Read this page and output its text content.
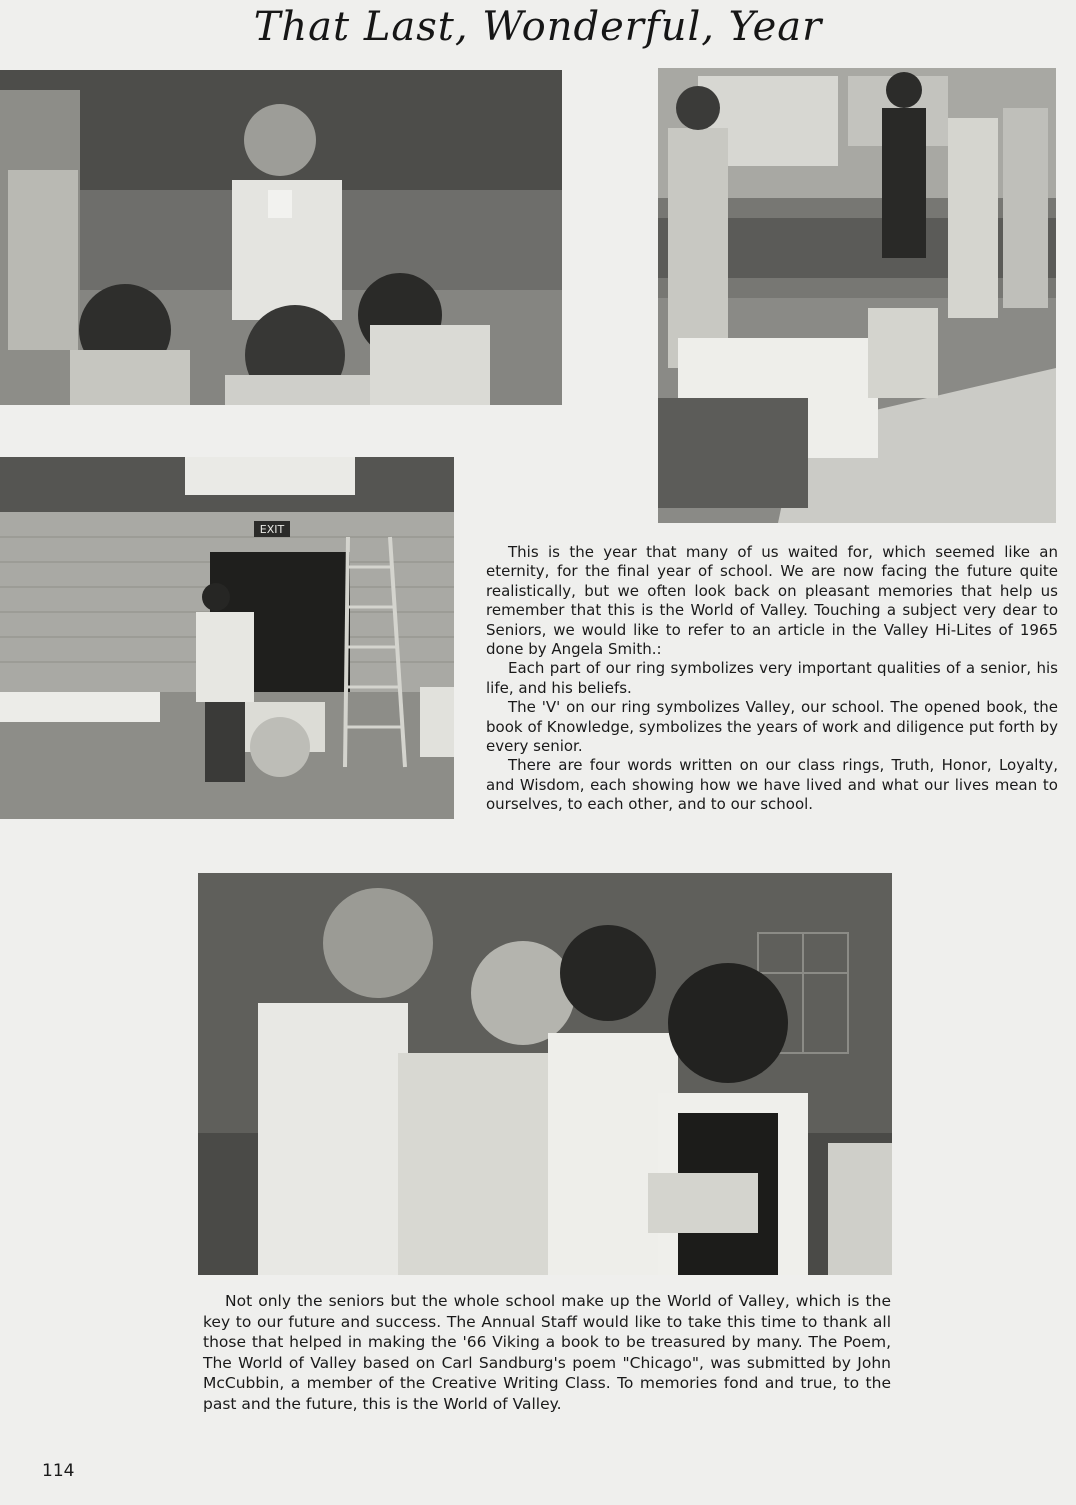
That Last, Wonderful, Year
EXIT

This is the year that many of us waited for, which seemed like an eternity, for the final year of school. We are now facing the future quite realistically, but we often look back on pleasant memories that help us remember that this is the World of Valley. Touching a subject very dear to Seniors, we would like to refer to an article in the Valley Hi-Lites of 1965 done by Angela Smith.:

Each part of our ring symbolizes very important qualities of a senior, his life, and his beliefs.

The 'V' on our ring symbolizes Valley, our school. The opened book, the book of Knowledge, symbolizes the years of work and diligence put forth by every senior.

There are four words written on our class rings, Truth, Honor, Loyalty, and Wisdom, each showing how we have lived and what our lives mean to ourselves, to each other, and to our school.

Not only the seniors but the whole school make up the World of Valley, which is the key to our future and success. The Annual Staff would like to take this time to thank all those that helped in making the '66 Viking a book to be treasured by many. The Poem, The World of Valley based on Carl Sandburg's poem "Chicago", was submitted by John McCubbin, a member of the Creative Writing Class. To memories fond and true, to the past and the future, this is the World of Valley.

114
